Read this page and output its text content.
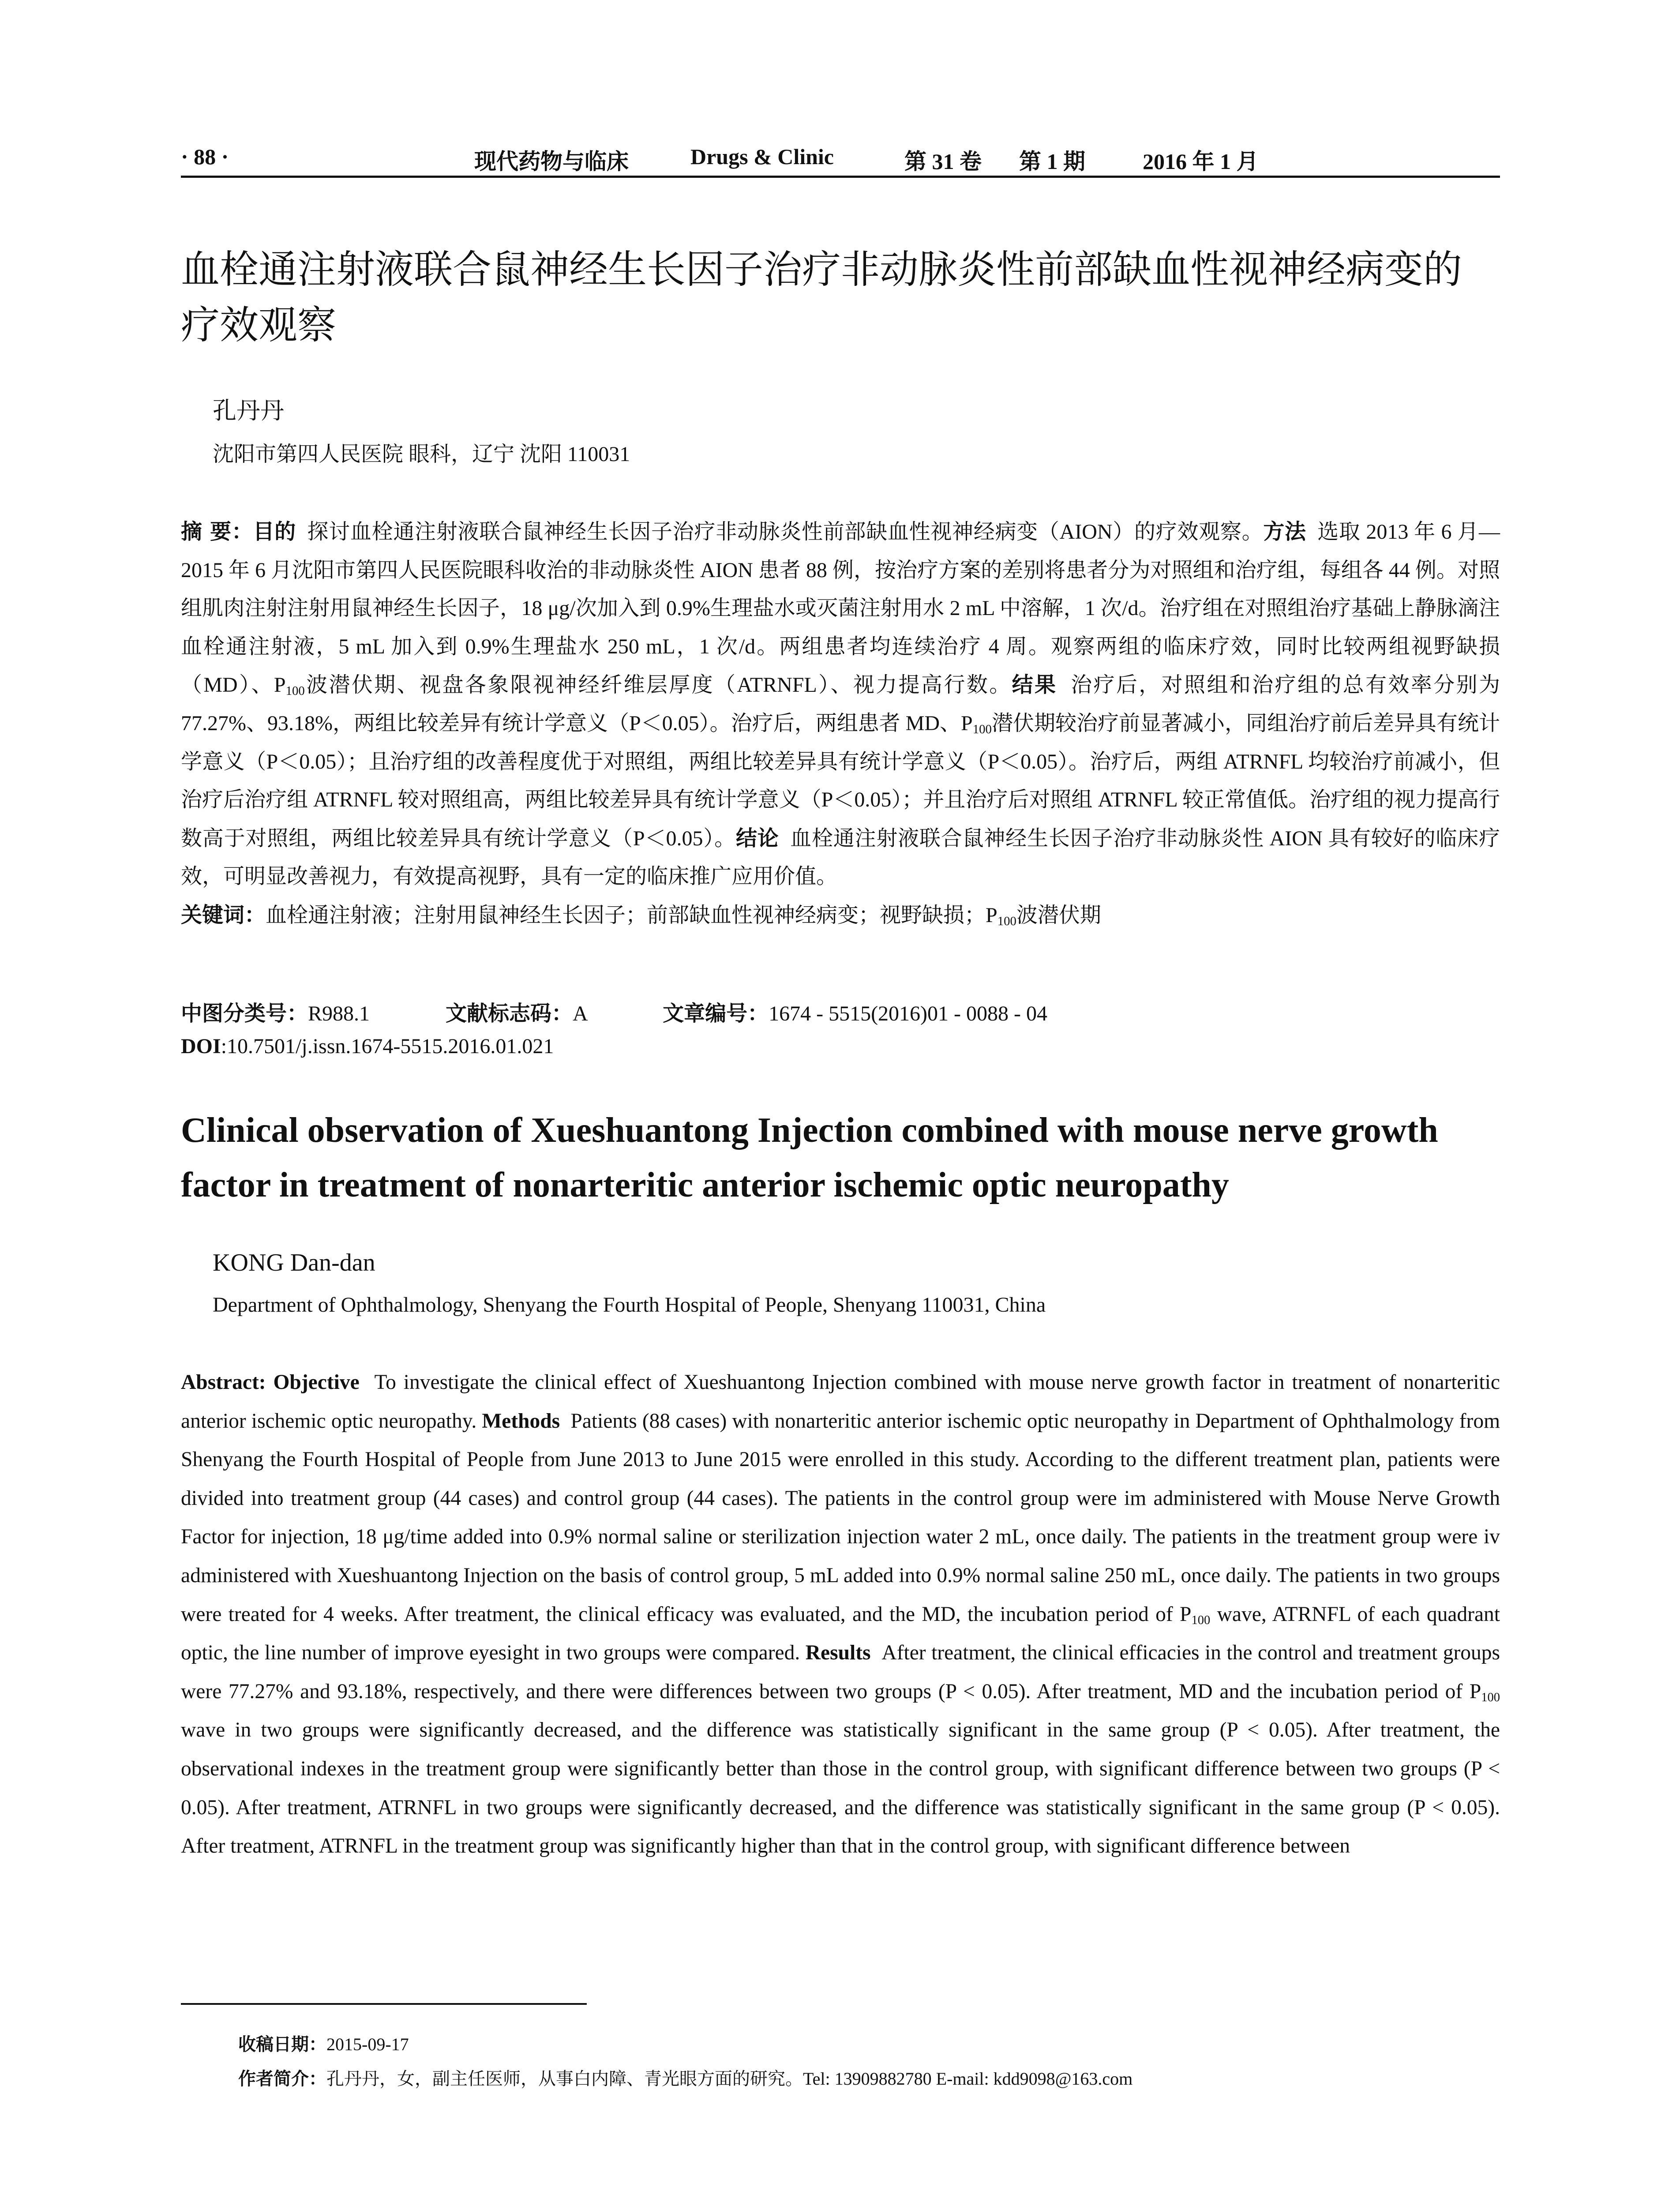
· 88 ·	现代药物与临床	Drugs & Clinic	第 31 卷 第 1 期	2016 年 1 月
血栓通注射液联合鼠神经生长因子治疗非动脉炎性前部缺血性视神经病变的疗效观察
孔丹丹
沈阳市第四人民医院 眼科，辽宁 沈阳 110031
摘 要：目的 探讨血栓通注射液联合鼠神经生长因子治疗非动脉炎性前部缺血性视神经病变（AION）的疗效观察。方法 选取 2013 年 6 月—2015 年 6 月沈阳市第四人民医院眼科收治的非动脉炎性 AION 患者 88 例，按治疗方案的差别将患者分为对照组和治疗组，每组各 44 例。对照组肌肉注射注射用鼠神经生长因子，18 μg/次加入到 0.9%生理盐水或灭菌注射用水 2 mL 中溶解，1 次/d。治疗组在对照组治疗基础上静脉滴注血栓通注射液，5 mL 加入到 0.9%生理盐水 250 mL，1 次/d。两组患者均连续治疗 4 周。观察两组的临床疗效，同时比较两组视野缺损（MD）、$P_{100}$波潜伏期、视盘各象限视神经纤维层厚度（ATRNFL）、视力提高行数。结果 治疗后，对照组和治疗组的总有效率分别为 77.27%、93.18%，两组比较差异有统计学意义（P＜0.05）。治疗后，两组患者 MD、$P_{100}$潜伏期较治疗前显著减小，同组治疗前后差异具有统计学意义（P＜0.05）；且治疗组的改善程度优于对照组，两组比较差异具有统计学意义（P＜0.05）。治疗后，两组 ATRNFL 均较治疗前减小，但治疗后治疗组 ATRNFL 较对照组高，两组比较差异具有统计学意义（P＜0.05）；并且治疗后对照组 ATRNFL 较正常值低。治疗组的视力提高行数高于对照组，两组比较差异具有统计学意义（P＜0.05）。结论 血栓通注射液联合鼠神经生长因子治疗非动脉炎性 AION 具有较好的临床疗效，可明显改善视力，有效提高视野，具有一定的临床推广应用价值。
关键词：血栓通注射液；注射用鼠神经生长因子；前部缺血性视神经病变；视野缺损；$P_{100}$波潜伏期
中图分类号：R988.1	文献标志码：A	文章编号：1674 - 5515(2016)01 - 0088 - 04
DOI:10.7501/j.issn.1674-5515.2016.01.021
Clinical observation of Xueshuantong Injection combined with mouse nerve growth factor in treatment of nonarteritic anterior ischemic optic neuropathy
KONG Dan-dan
Department of Ophthalmology, Shenyang the Fourth Hospital of People, Shenyang 110031, China
Abstract: Objective To investigate the clinical effect of Xueshuantong Injection combined with mouse nerve growth factor in treatment of nonarteritic anterior ischemic optic neuropathy. Methods Patients (88 cases) with nonarteritic anterior ischemic optic neuropathy in Department of Ophthalmology from Shenyang the Fourth Hospital of People from June 2013 to June 2015 were enrolled in this study. According to the different treatment plan, patients were divided into treatment group (44 cases) and control group (44 cases). The patients in the control group were im administered with Mouse Nerve Growth Factor for injection, 18 μg/time added into 0.9% normal saline or sterilization injection water 2 mL, once daily. The patients in the treatment group were iv administered with Xueshuantong Injection on the basis of control group, 5 mL added into 0.9% normal saline 250 mL, once daily. The patients in two groups were treated for 4 weeks. After treatment, the clinical efficacy was evaluated, and the MD, the incubation period of $P_{100}$ wave, ATRNFL of each quadrant optic, the line number of improve eyesight in two groups were compared. Results After treatment, the clinical efficacies in the control and treatment groups were 77.27% and 93.18%, respectively, and there were differences between two groups (P < 0.05). After treatment, MD and the incubation period of $P_{100}$ wave in two groups were significantly decreased, and the difference was statistically significant in the same group (P < 0.05). After treatment, the observational indexes in the treatment group were significantly better than those in the control group, with significant difference between two groups (P < 0.05). After treatment, ATRNFL in two groups were significantly decreased, and the difference was statistically significant in the same group (P < 0.05). After treatment, ATRNFL in the treatment group was significantly higher than that in the control group, with significant difference between
收稿日期：2015-09-17
作者简介：孔丹丹，女，副主任医师，从事白内障、青光眼方面的研究。Tel: 13909882780 E-mail: kdd9098@163.com
